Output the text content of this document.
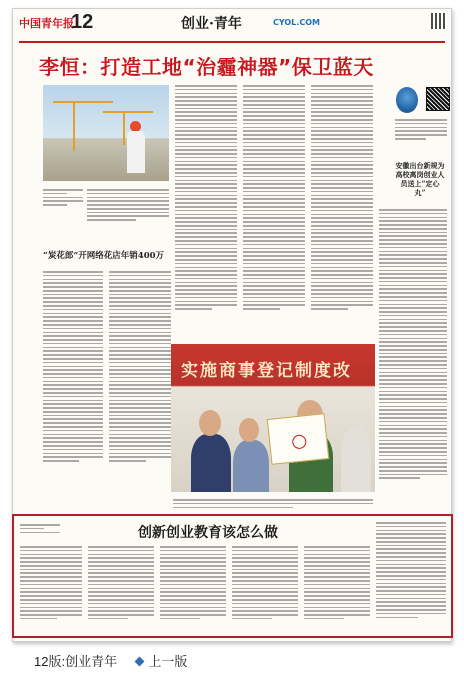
中国青年报
12	创业·青年	CYOL.COM
李恒：打造工地“治霾神器”保卫蓝天
“炭花郎”开网络花店年销400万
安徽出台新规为高校离岗创业人员送上“定心丸”
实施商事登记制度改
创新创业教育该怎么做
12版:创业青年 上一版
